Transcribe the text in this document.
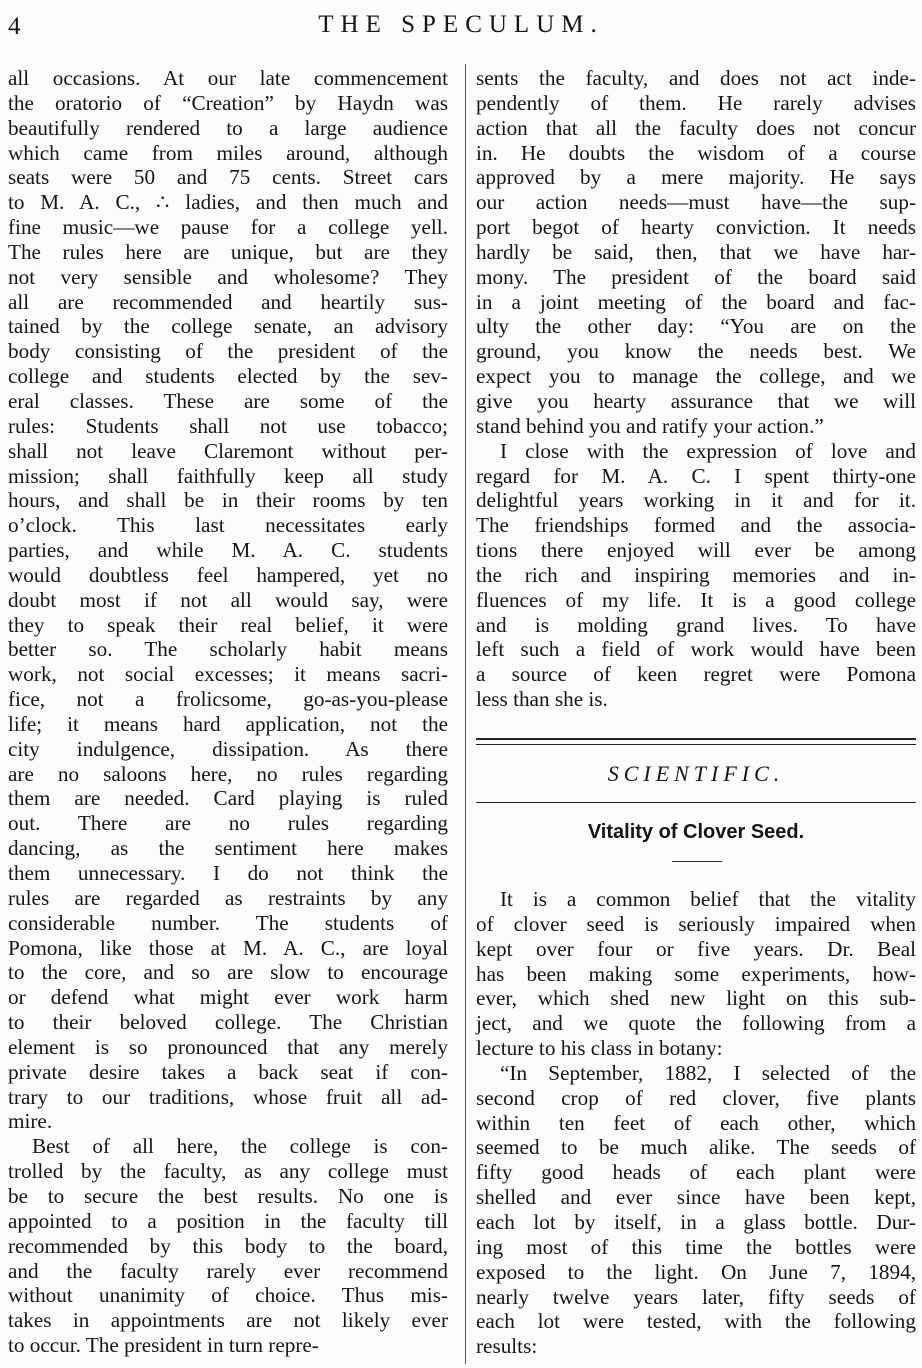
4	THE SPECULUM.
all occasions. At our late commencement
the oratorio of “Creation” by Haydn was
beautifully rendered to a large audience
which came from miles around, although
seats were 50 and 75 cents. Street cars
to M. A. C., ∴ ladies, and then much and
fine music—we pause for a college yell.
The rules here are unique, but are they
not very sensible and wholesome? They
all are recommended and heartily sus-
tained by the college senate, an advisory
body consisting of the president of the
college and students elected by the sev-
eral classes. These are some of the
rules: Students shall not use tobacco;
shall not leave Claremont without per-
mission; shall faithfully keep all study
hours, and shall be in their rooms by ten
o’clock. This last necessitates early
parties, and while M. A. C. students
would doubtless feel hampered, yet no
doubt most if not all would say, were
they to speak their real belief, it were
better so. The scholarly habit means
work, not social excesses; it means sacri-
fice, not a frolicsome, go-as-you-please
life; it means hard application, not the
city indulgence, dissipation. As there
are no saloons here, no rules regarding
them are needed. Card playing is ruled
out. There are no rules regarding
dancing, as the sentiment here makes
them unnecessary. I do not think the
rules are regarded as restraints by any
considerable number. The students of
Pomona, like those at M. A. C., are loyal
to the core, and so are slow to encourage
or defend what might ever work harm
to their beloved college. The Christian
element is so pronounced that any merely
private desire takes a back seat if con-
trary to our traditions, whose fruit all ad-
mire.
Best of all here, the college is con-
trolled by the faculty, as any college must
be to secure the best results. No one is
appointed to a position in the faculty till
recommended by this body to the board,
and the faculty rarely ever recommend
without unanimity of choice. Thus mis-
takes in appointments are not likely ever
to occur. The president in turn repre-
sents the faculty, and does not act inde-
pendently of them. He rarely advises
action that all the faculty does not concur
in. He doubts the wisdom of a course
approved by a mere majority. He says
our action needs—must have—the sup-
port begot of hearty conviction. It needs
hardly be said, then, that we have har-
mony. The president of the board said
in a joint meeting of the board and fac-
ulty the other day: “You are on the
ground, you know the needs best. We
expect you to manage the college, and we
give you hearty assurance that we will
stand behind you and ratify your action.”
I close with the expression of love and
regard for M. A. C. I spent thirty-one
delightful years working in it and for it.
The friendships formed and the associa-
tions there enjoyed will ever be among
the rich and inspiring memories and in-
fluences of my life. It is a good college
and is molding grand lives. To have
left such a field of work would have been
a source of keen regret were Pomona
less than she is.
SCIENTIFIC.
Vitality of Clover Seed.
It is a common belief that the vitality
of clover seed is seriously impaired when
kept over four or five years. Dr. Beal
has been making some experiments, how-
ever, which shed new light on this sub-
ject, and we quote the following from a
lecture to his class in botany:
“In September, 1882, I selected of the
second crop of red clover, five plants
within ten feet of each other, which
seemed to be much alike. The seeds of
fifty good heads of each plant were
shelled and ever since have been kept,
each lot by itself, in a glass bottle. Dur-
ing most of this time the bottles were
exposed to the light. On June 7, 1894,
nearly twelve years later, fifty seeds of
each lot were tested, with the following
results:
